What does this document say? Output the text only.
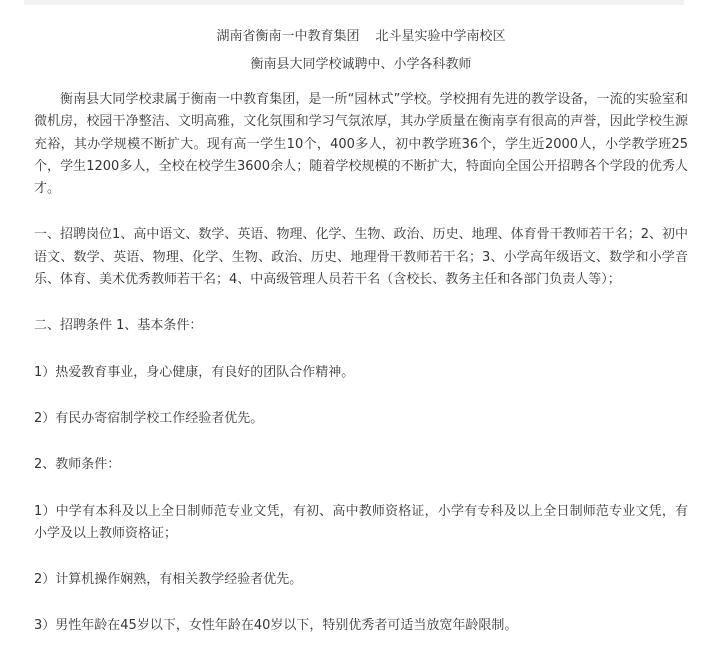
湖南省衡南一中教育集团 北斗星实验中学南校区
衡南县大同学校诚聘中、小学各科教师

衡南县大同学校隶属于衡南一中教育集团，是一所“园林式”学校。学校拥有先进的教学设备，一流的实验室和微机房，校园干净整洁、文明高雅，文化氛围和学习气氛浓厚，其办学质量在衡南享有很高的声誉，因此学校生源充裕，其办学规模不断扩大。现有高一学生10个，400多人，初中教学班36个，学生近2000人，小学教学班25个，学生1200多人，全校在校学生3600余人；随着学校规模的不断扩大，特面向全国公开招聘各个学段的优秀人才。

一、招聘岗位1、高中语文、数学、英语、物理、化学、生物、政治、历史、地理、体育骨干教师若干名；2、初中语文、数学、英语、物理、化学、生物、政治、历史、地理骨干教师若干名；3、小学高年级语文、数学和小学音乐、体育、美术优秀教师若干名；4、中高级管理人员若干名（含校长、教务主任和各部门负责人等）；

二、招聘条件 1、基本条件：

1）热爱教育事业，身心健康，有良好的团队合作精神。

2）有民办寄宿制学校工作经验者优先。

2、教师条件：

1）中学有本科及以上全日制师范专业文凭，有初、高中教师资格证，小学有专科及以上全日制师范专业文凭，有小学及以上教师资格证；

2）计算机操作娴熟，有相关教学经验者优先。

3）男性年龄在45岁以下，女性年龄在40岁以下，特别优秀者可适当放宽年龄限制。
